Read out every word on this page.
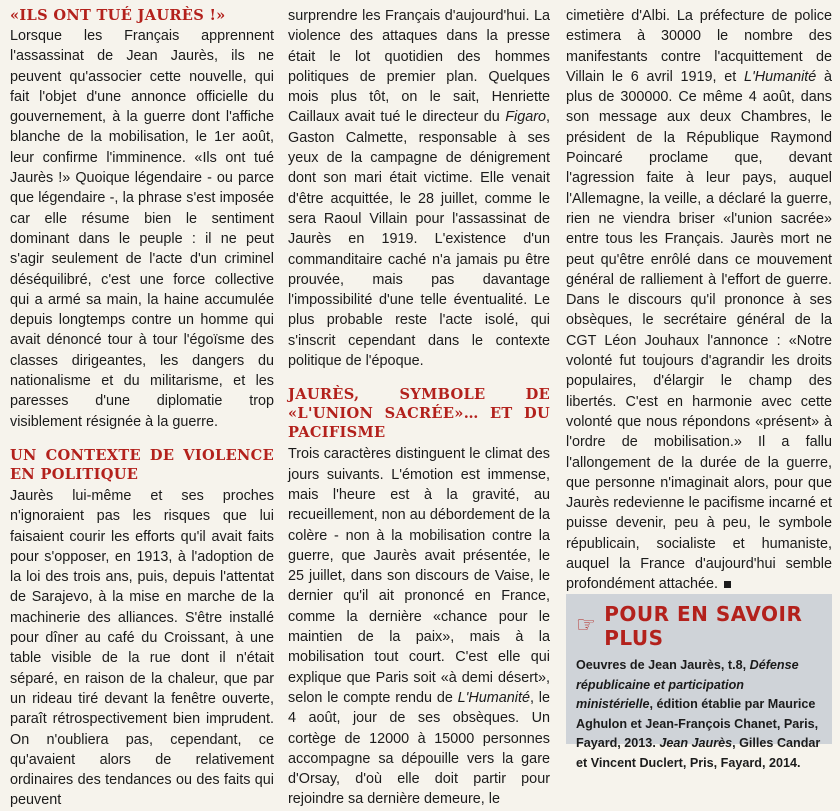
«ILS ONT TUÉ JAURÈS !»

Lorsque les Français apprennent l'assassinat de Jean Jaurès, ils ne peuvent qu'associer cette nouvelle, qui fait l'objet d'une annonce officielle du gouvernement, à la guerre dont l'affiche blanche de la mobilisation, le 1er août, leur confirme l'imminence. «Ils ont tué Jaurès !» Quoique légendaire - ou parce que légendaire -, la phrase s'est imposée car elle résume bien le sentiment dominant dans le peuple : il ne peut s'agir seulement de l'acte d'un criminel déséquilibré, c'est une force collective qui a armé sa main, la haine accumulée depuis longtemps contre un homme qui avait dénoncé tour à tour l'égoïsme des classes dirigeantes, les dangers du nationalisme et du militarisme, et les paresses d'une diplomatie trop visiblement résignée à la guerre.

UN CONTEXTE DE VIOLENCE EN POLITIQUE

Jaurès lui-même et ses proches n'ignoraient pas les risques que lui faisaient courir les efforts qu'il avait faits pour s'opposer, en 1913, à l'adoption de la loi des trois ans, puis, depuis l'attentat de Sarajevo, à la mise en marche de la machinerie des alliances. S'être installé pour dîner au café du Croissant, à une table visible de la rue dont il n'était séparé, en raison de la chaleur, que par un rideau tiré devant la fenêtre ouverte, paraît rétrospectivement bien imprudent. On n'oubliera pas, cependant, ce qu'avaient alors de relativement ordinaires des tendances ou des faits qui peuvent

surprendre les Français d'aujourd'hui. La violence des attaques dans la presse était le lot quotidien des hommes politiques de premier plan. Quelques mois plus tôt, on le sait, Henriette Caillaux avait tué le directeur du Figaro, Gaston Calmette, responsable à ses yeux de la campagne de dénigrement dont son mari était victime. Elle venait d'être acquittée, le 28 juillet, comme le sera Raoul Villain pour l'assassinat de Jaurès en 1919. L'existence d'un commanditaire caché n'a jamais pu être prouvée, mais pas davantage l'impossibilité d'une telle éventualité. Le plus probable reste l'acte isolé, qui s'inscrit cependant dans le contexte politique de l'époque.

JAURÈS, SYMBOLE DE «L'UNION SACRÉE»… ET DU PACIFISME

Trois caractères distinguent le climat des jours suivants. L'émotion est immense, mais l'heure est à la gravité, au recueillement, non au débordement de la colère - non à la mobilisation contre la guerre, que Jaurès avait présentée, le 25 juillet, dans son discours de Vaise, le dernier qu'il ait prononcé en France, comme la dernière «chance pour le maintien de la paix», mais à la mobilisation tout court. C'est elle qui explique que Paris soit «à demi désert», selon le compte rendu de L'Humanité, le 4 août, jour de ses obsèques. Un cortège de 12000 à 15000 personnes accompagne sa dépouille vers la gare d'Orsay, d'où elle doit partir pour rejoindre sa dernière demeure, le

cimetière d'Albi. La préfecture de police estimera à 30000 le nombre des manifestants contre l'acquittement de Villain le 6 avril 1919, et L'Humanité à plus de 300000. Ce même 4 août, dans son message aux deux Chambres, le président de la République Raymond Poincaré proclame que, devant l'agression faite à leur pays, auquel l'Allemagne, la veille, a déclaré la guerre, rien ne viendra briser «l'union sacrée» entre tous les Français. Jaurès mort ne peut qu'être enrôlé dans ce mouvement général de ralliement à l'effort de guerre. Dans le discours qu'il prononce à ses obsèques, le secrétaire général de la CGT Léon Jouhaux l'annonce : «Notre volonté fut toujours d'agrandir les droits populaires, d'élargir le champ des libertés. C'est en harmonie avec cette volonté que nous répondons «présent» à l'ordre de mobilisation.» Il a fallu l'allongement de la durée de la guerre, que personne n'imaginait alors, pour que Jaurès redevienne le pacifisme incarné et puisse devenir, peu à peu, le symbole républicain, socialiste et humaniste, auquel la France d'aujourd'hui semble profondément attachée.

☞ POUR EN SAVOIR PLUS
Oeuvres de Jean Jaurès, t.8, Défense républicaine et participation ministérielle, édition établie par Maurice Aghulon et Jean-François Chanet, Paris, Fayard, 2013. Jean Jaurès, Gilles Candar et Vincent Duclert, Pris, Fayard, 2014.
